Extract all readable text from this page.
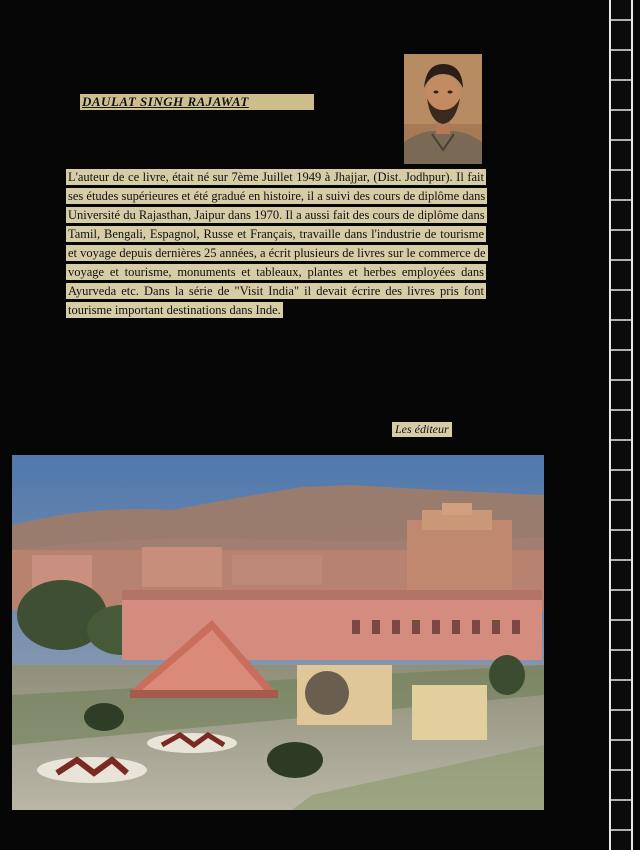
DAULAT SINGH RAJAWAT
L'auteur de ce livre, était né sur 7ème Juillet 1949 à Jhajjar, (Dist. Jodhpur). Il fait ses études supérieures et été gradué en histoire, il a suivi des cours de diplôme dans Université du Rajasthan, Jaipur dans 1970. Il a aussi fait des cours de diplôme dans Tamil, Bengali, Espagnol, Russe et Français, travaille dans l'industrie de tourisme et voyage depuis dernières 25 années, a écrit plusieurs de livres sur le commerce de voyage et tourisme, monuments et tableaux, plantes et herbes employées dans Ayurveda etc. Dans la série de "Visit India" il devait écrire des livres pris font tourisme important destinations dans Inde.
Les éditeur
